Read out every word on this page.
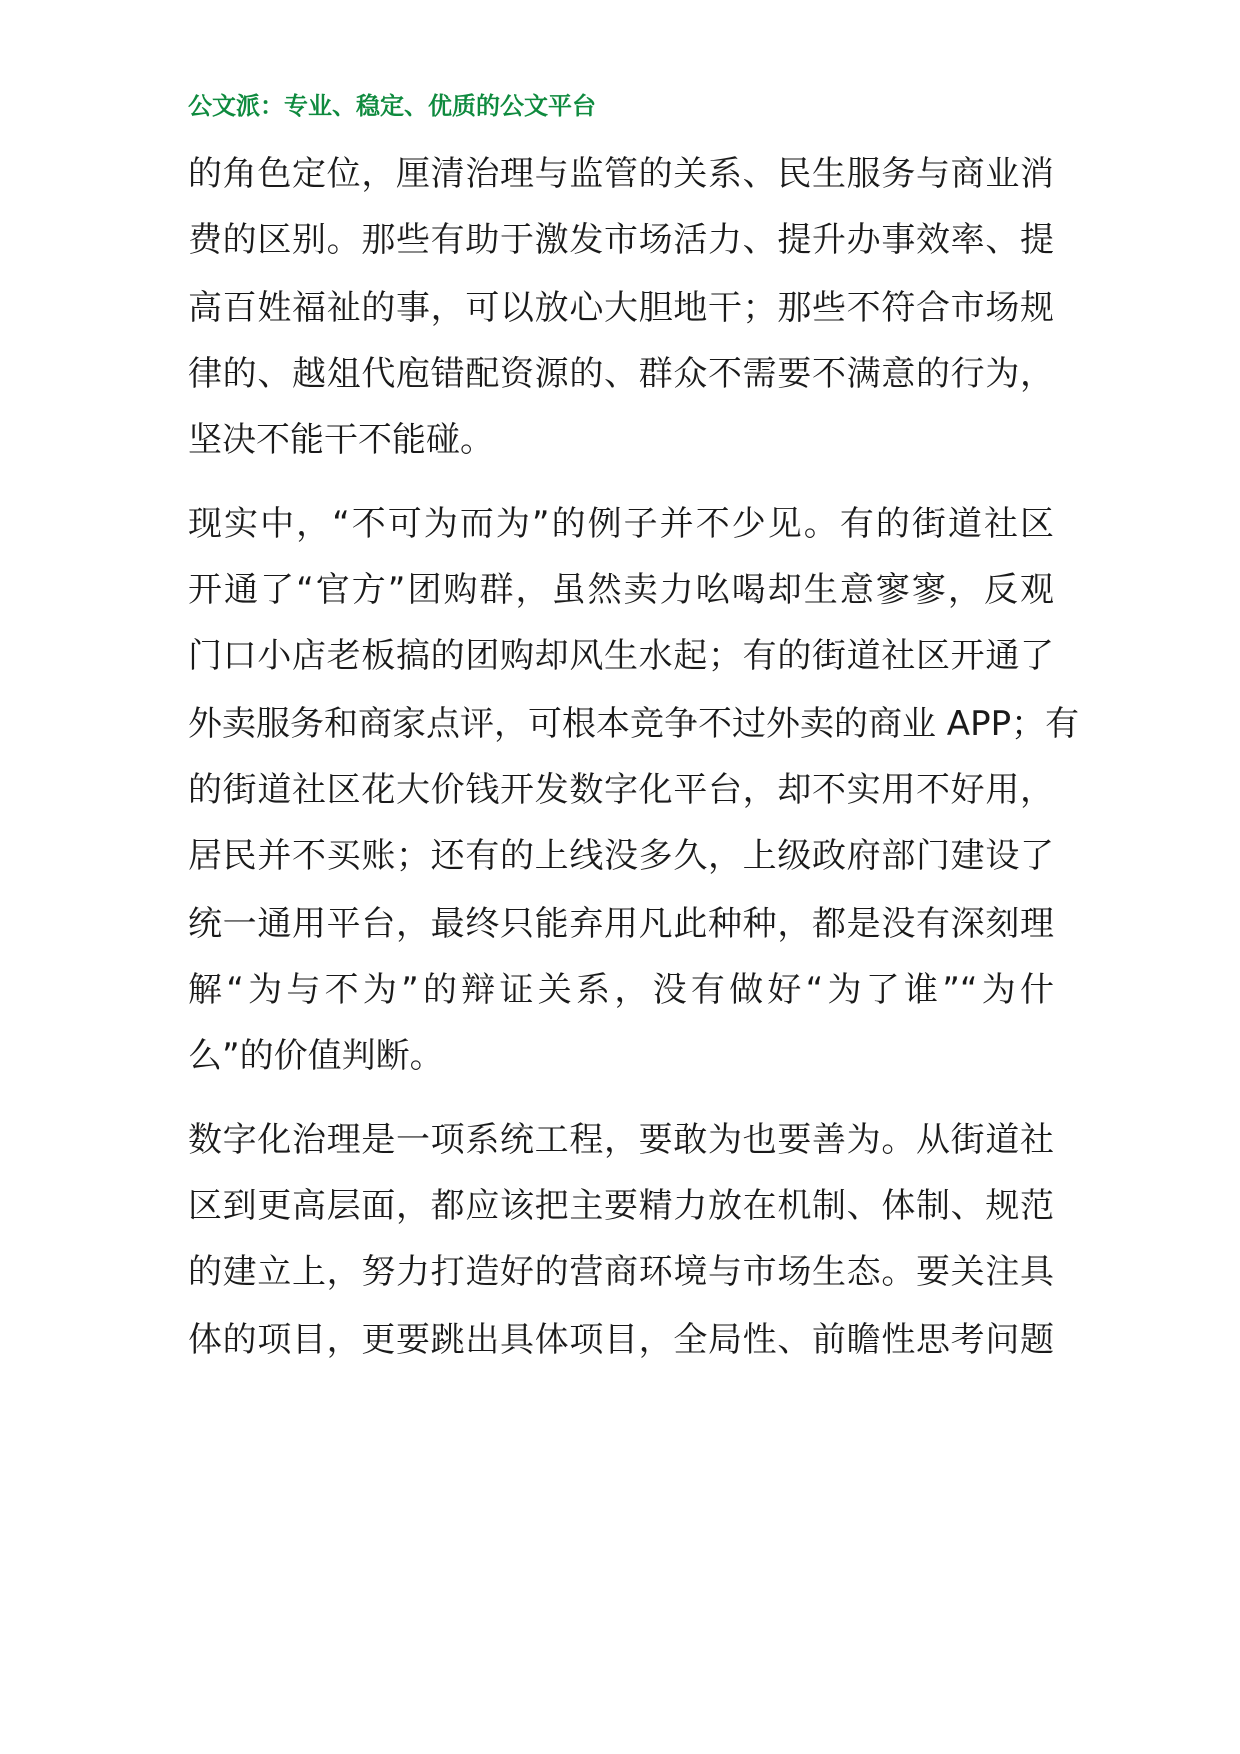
公文派：专业、稳定、优质的公文平台
的角色定位，厘清治理与监管的关系、民生服务与商业消
费的区别。那些有助于激发市场活力、提升办事效率、提
高百姓福祉的事，可以放心大胆地干；那些不符合市场规
律的、越俎代庖错配资源的、群众不需要不满意的行为，
坚决不能干不能碰。
现实中，“不可为而为”的例子并不少见。有的街道社区
开通了“官方”团购群，虽然卖力吆喝却生意寥寥，反观
门口小店老板搞的团购却风生水起；有的街道社区开通了
外卖服务和商家点评，可根本竞争不过外卖的商业 APP；有
的街道社区花大价钱开发数字化平台，却不实用不好用，
居民并不买账；还有的上线没多久，上级政府部门建设了
统一通用平台，最终只能弃用凡此种种，都是没有深刻理
解“为与不为”的辩证关系，没有做好“为了谁”“为什
么”的价值判断。
数字化治理是一项系统工程，要敢为也要善为。从街道社
区到更高层面，都应该把主要精力放在机制、体制、规范
的建立上，努力打造好的营商环境与市场生态。要关注具
体的项目，更要跳出具体项目，全局性、前瞻性思考问题
